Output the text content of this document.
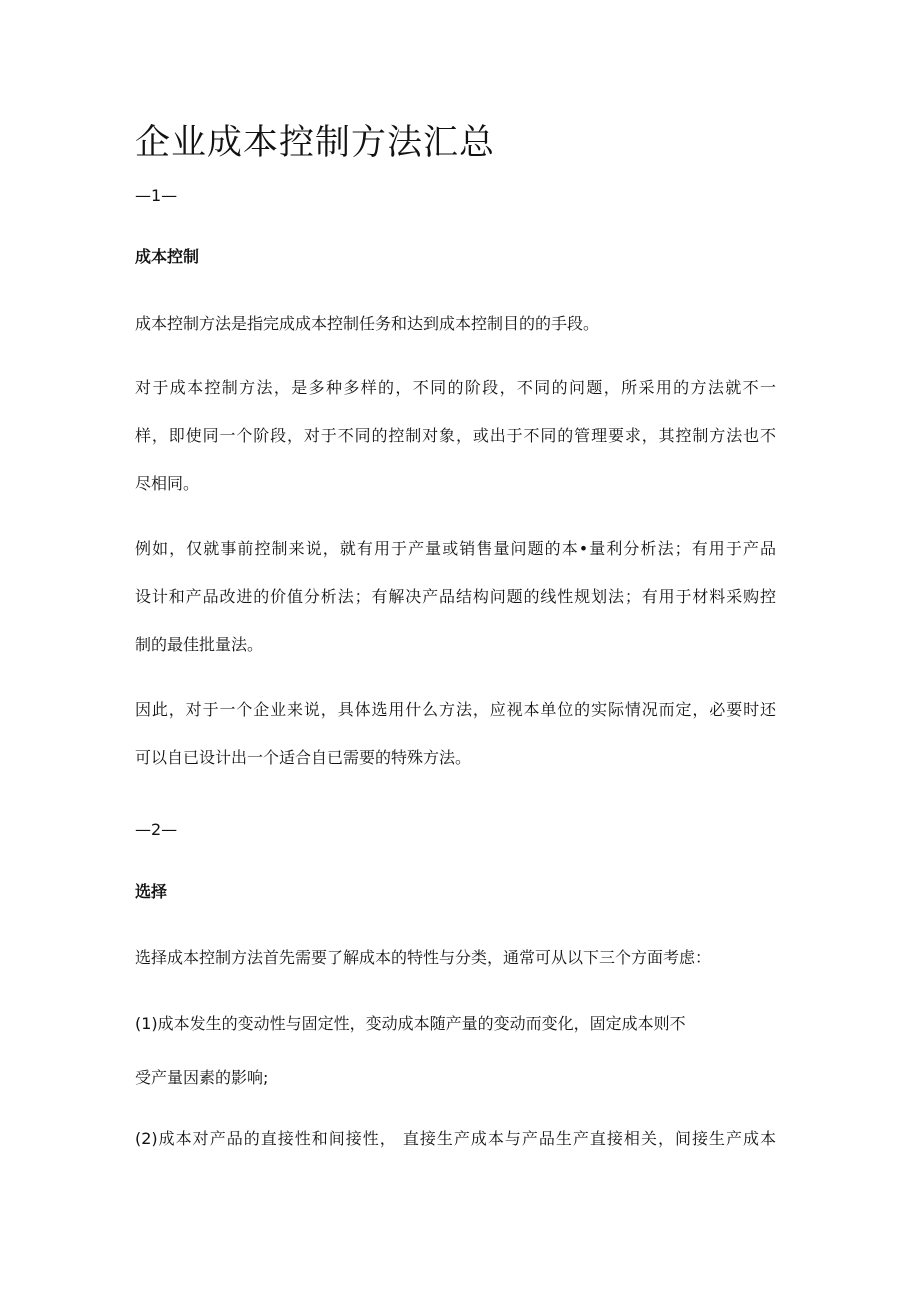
企业成本控制方法汇总
—1—
成本控制
成本控制方法是指完成成本控制任务和达到成本控制目的的手段。
对于成本控制方法，是多种多样的，不同的阶段，不同的问题，所采用的方法就不一
样，即使同一个阶段，对于不同的控制对象，或出于不同的管理要求，其控制方法也不
尽相同。
例如，仅就事前控制来说，就有用于产量或销售量问题的本•量利分析法；有用于产品
设计和产品改进的价值分析法；有解决产品结构问题的线性规划法；有用于材料采购控
制的最佳批量法。
因此，对于一个企业来说，具体选用什么方法，应视本单位的实际情况而定，必要时还
可以自已设计出一个适合自已需要的特殊方法。
—2—
选择
选择成本控制方法首先需要了解成本的特性与分类，通常可从以下三个方面考虑：
(1)成本发生的变动性与固定性，变动成本随产量的变动而变化，固定成本则不
受产量因素的影响;
(2)成本对产品的直接性和间接性， 直接生产成本与产品生产直接相关，间接生产成本
